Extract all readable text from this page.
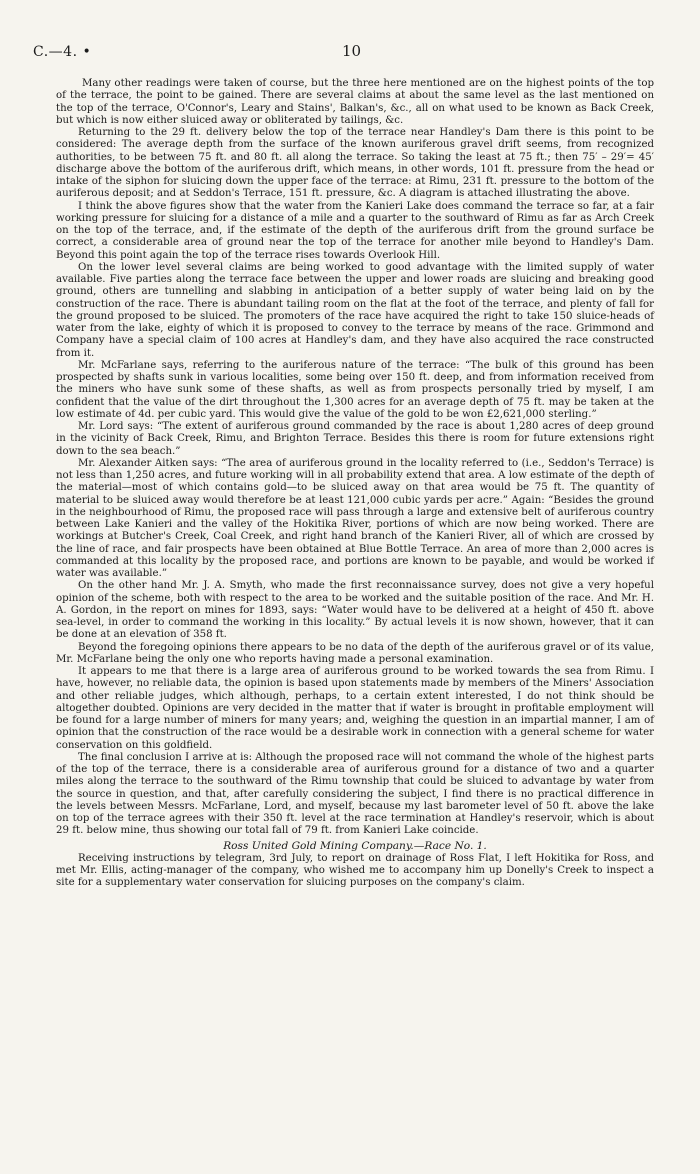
C.—4. •	10

Many other readings were taken of course, but the three here mentioned are on the highest points of the top of the terrace, the point to be gained. There are several claims at about the same level as the last mentioned on the top of the terrace, O'Connor's, Leary and Stains', Balkan's, &c., all on what used to be known as Back Creek, but which is now either sluiced away or obliterated by tailings, &c.

Returning to the 29 ft. delivery below the top of the terrace near Handley's Dam there is this point to be considered: The average depth from the surface of the known auriferous gravel drift seems, from recognized authorities, to be between 75 ft. and 80 ft. all along the terrace. So taking the least at 75 ft.; then 75′ – 29′= 45′ discharge above the bottom of the auriferous drift, which means, in other words, 101 ft. pressure from the head or intake of the siphon for sluicing down the upper face of the terrace: at Rimu, 231 ft. pressure to the bottom of the auriferous deposit; and at Seddon's Terrace, 151 ft. pressure, &c. A diagram is attached illustrating the above.

I think the above figures show that the water from the Kanieri Lake does command the terrace so far, at a fair working pressure for sluicing for a distance of a mile and a quarter to the southward of Rimu as far as Arch Creek on the top of the terrace, and, if the estimate of the depth of the auriferous drift from the ground surface be correct, a considerable area of ground near the top of the terrace for another mile beyond to Handley's Dam. Beyond this point again the top of the terrace rises towards Overlook Hill.

On the lower level several claims are being worked to good advantage with the limited supply of water available. Five parties along the terrace face between the upper and lower roads are sluicing and breaking good ground, others are tunnelling and slabbing in anticipation of a better supply of water being laid on by the construction of the race. There is abundant tailing room on the flat at the foot of the terrace, and plenty of fall for the ground proposed to be sluiced. The promoters of the race have acquired the right to take 150 sluice-heads of water from the lake, eighty of which it is proposed to convey to the terrace by means of the race. Grimmond and Company have a special claim of 100 acres at Handley's dam, and they have also acquired the race constructed from it.

Mr. McFarlane says, referring to the auriferous nature of the terrace: “The bulk of this ground has been prospected by shafts sunk in various localities, some being over 150 ft. deep, and from information received from the miners who have sunk some of these shafts, as well as from prospects personally tried by myself, I am confident that the value of the dirt throughout the 1,300 acres for an average depth of 75 ft. may be taken at the low estimate of 4d. per cubic yard. This would give the value of the gold to be won £2,621,000 sterling.”

Mr. Lord says: “The extent of auriferous ground commanded by the race is about 1,280 acres of deep ground in the vicinity of Back Creek, Rimu, and Brighton Terrace. Besides this there is room for future extensions right down to the sea beach.”

Mr. Alexander Aitken says: “The area of auriferous ground in the locality referred to (i.e., Seddon's Terrace) is not less than 1,250 acres, and future working will in all probability extend that area. A low estimate of the depth of the material—most of which contains gold—to be sluiced away on that area would be 75 ft. The quantity of material to be sluiced away would therefore be at least 121,000 cubic yards per acre.” Again: “Besides the ground in the neighbourhood of Rimu, the proposed race will pass through a large and extensive belt of auriferous country between Lake Kanieri and the valley of the Hokitika River, portions of which are now being worked. There are workings at Butcher's Creek, Coal Creek, and right hand branch of the Kanieri River, all of which are crossed by the line of race, and fair prospects have been obtained at Blue Bottle Terrace. An area of more than 2,000 acres is commanded at this locality by the proposed race, and portions are known to be payable, and would be worked if water was available.”

On the other hand Mr. J. A. Smyth, who made the first reconnaissance survey, does not give a very hopeful opinion of the scheme, both with respect to the area to be worked and the suitable position of the race. And Mr. H. A. Gordon, in the report on mines for 1893, says: “Water would have to be delivered at a height of 450 ft. above sea-level, in order to command the working in this locality.” By actual levels it is now shown, however, that it can be done at an elevation of 358 ft.

Beyond the foregoing opinions there appears to be no data of the depth of the auriferous gravel or of its value, Mr. McFarlane being the only one who reports having made a personal examination.

It appears to me that there is a large area of auriferous ground to be worked towards the sea from Rimu. I have, however, no reliable data, the opinion is based upon statements made by members of the Miners' Association and other reliable judges, which although, perhaps, to a certain extent interested, I do not think should be altogether doubted. Opinions are very decided in the matter that if water is brought in profitable employment will be found for a large number of miners for many years; and, weighing the question in an impartial manner, I am of opinion that the construction of the race would be a desirable work in connection with a general scheme for water conservation on this goldfield.

The final conclusion I arrive at is: Although the proposed race will not command the whole of the highest parts of the top of the terrace, there is a considerable area of auriferous ground for a distance of two and a quarter miles along the terrace to the southward of the Rimu township that could be sluiced to advantage by water from the source in question, and that, after carefully considering the subject, I find there is no practical difference in the levels between Messrs. McFarlane, Lord, and myself, because my last barometer level of 50 ft. above the lake on top of the terrace agrees with their 350 ft. level at the race termination at Handley's reservoir, which is about 29 ft. below mine, thus showing our total fall of 79 ft. from Kanieri Lake coincide.

Ross United Gold Mining Company.—Race No. 1.

Receiving instructions by telegram, 3rd July, to report on drainage of Ross Flat, I left Hokitika for Ross, and met Mr. Ellis, acting-manager of the company, who wished me to accompany him up Donelly's Creek to inspect a site for a supplementary water conservation for sluicing purposes on the company's claim.
